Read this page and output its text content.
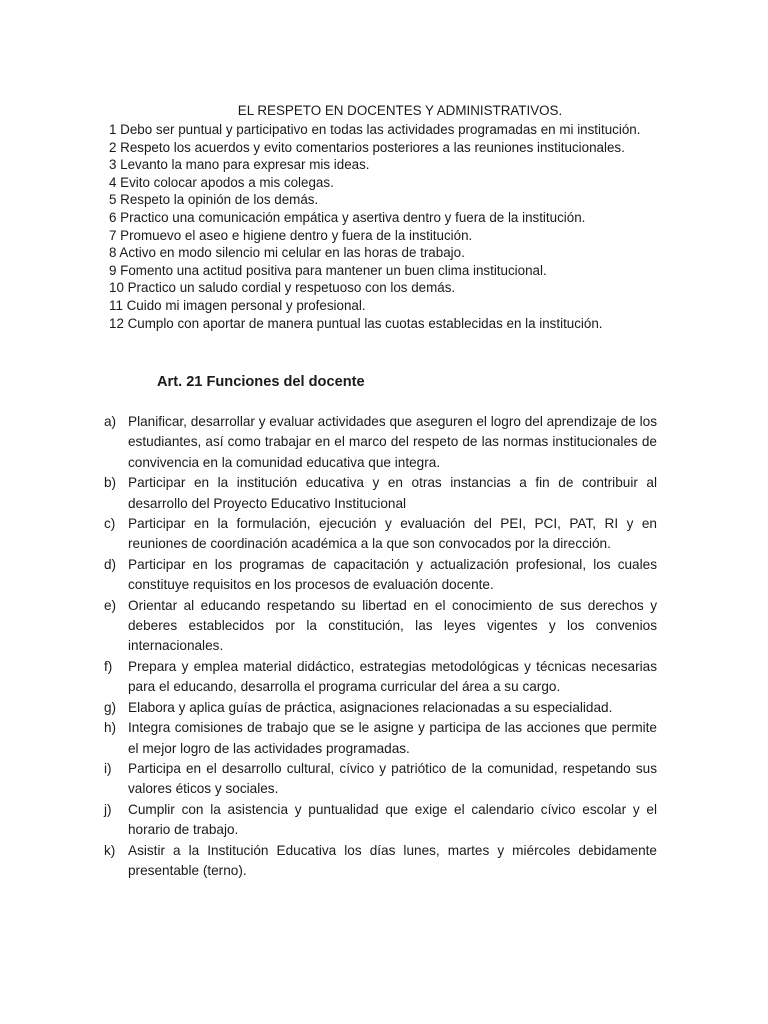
EL RESPETO EN DOCENTES Y ADMINISTRATIVOS.

1 Debo ser puntual y participativo en todas las actividades programadas en mi institución.
2 Respeto los acuerdos y evito comentarios posteriores a las reuniones institucionales.
3 Levanto la mano para expresar mis ideas.
4 Evito colocar apodos a mis colegas.
5 Respeto la opinión de los demás.
6 Practico una comunicación empática y asertiva dentro y fuera de la institución.
7 Promuevo el aseo e higiene dentro y fuera de la institución.
8 Activo en modo silencio mi celular en las horas de trabajo.
9 Fomento una actitud positiva para mantener un buen clima institucional.
10 Practico un saludo cordial y respetuoso con los demás.
11 Cuido mi imagen personal y profesional.
12 Cumplo con aportar de manera puntual las cuotas establecidas en la institución.
Art. 21 Funciones del docente
a) Planificar, desarrollar y evaluar actividades que aseguren el logro del aprendizaje de los estudiantes, así como trabajar en el marco del respeto de las normas institucionales de convivencia en la comunidad educativa que integra.
b) Participar en la institución educativa y en otras instancias a fin de contribuir al desarrollo del Proyecto Educativo Institucional
c) Participar en la formulación, ejecución y evaluación del PEI, PCI, PAT, RI y en reuniones de coordinación académica a la que son convocados por la dirección.
d) Participar en los programas de capacitación y actualización profesional, los cuales constituye requisitos en los procesos de evaluación docente.
e) Orientar al educando respetando su libertad en el conocimiento de sus derechos y deberes establecidos por la constitución, las leyes vigentes y los convenios internacionales.
f)	Prepara y emplea material didáctico, estrategias metodológicas y técnicas necesarias para el educando, desarrolla el programa curricular del área a su cargo.
g) Elabora y aplica guías de práctica, asignaciones relacionadas a su especialidad.
h) Integra comisiones de trabajo que se le asigne y participa de las acciones que permite el mejor logro de las actividades programadas.
i)	Participa en el desarrollo cultural, cívico y patriótico de la comunidad, respetando sus valores éticos y sociales.
j)	Cumplir con la asistencia y puntualidad que exige el calendario cívico escolar y el horario de trabajo.
k) Asistir a la Institución Educativa los días lunes, martes y miércoles debidamente presentable (terno).
